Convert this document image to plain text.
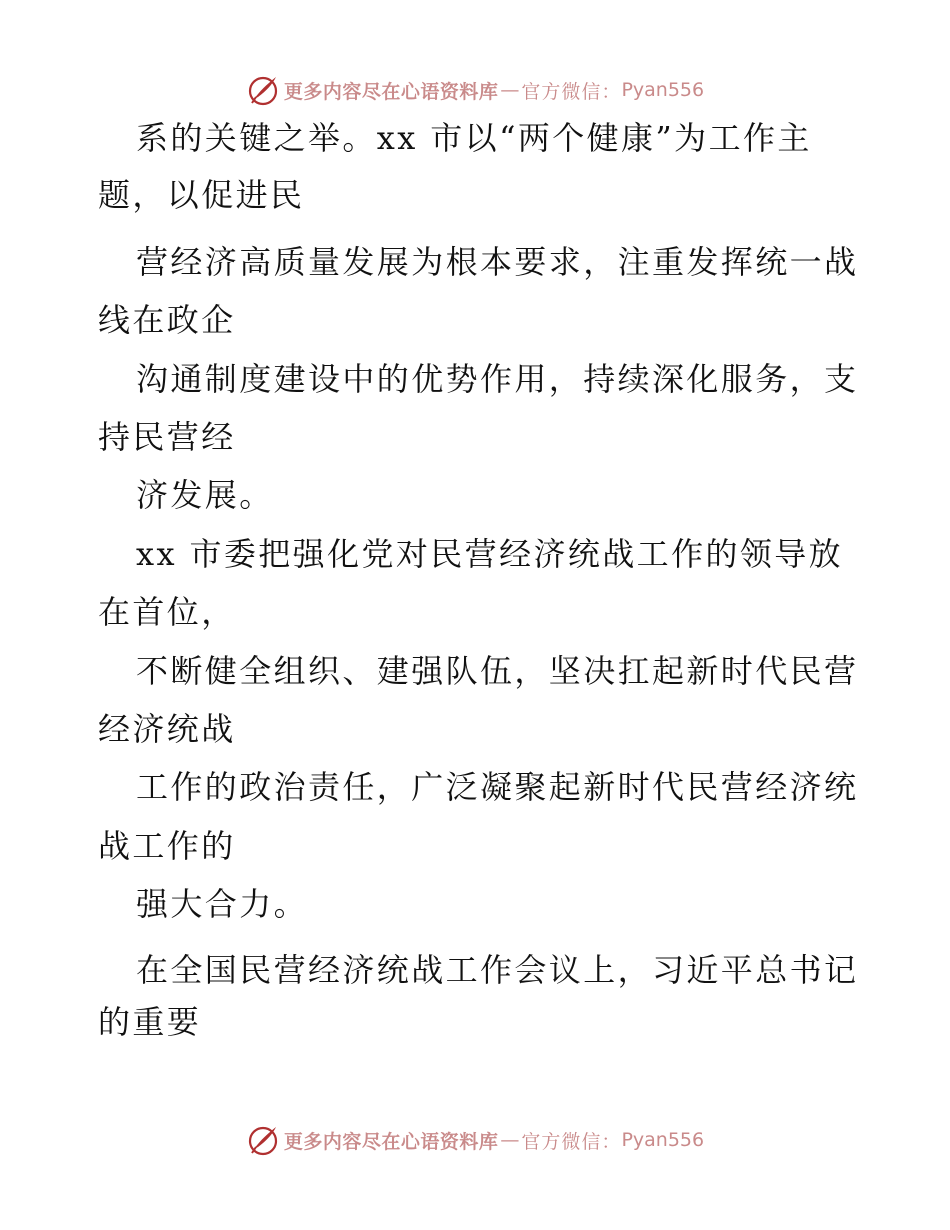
更多内容尽在心语资料库 — 官方微信： Pyan556
系的关键之举。xx 市以“两个健康”为工作主
题，以促进民
营经济高质量发展为根本要求，注重发挥统一战
线在政企
沟通制度建设中的优势作用，持续深化服务，支
持民营经
济发展。
xx 市委把强化党对民营经济统战工作的领导放
在首位，
不断健全组织、建强队伍，坚决扛起新时代民营
经济统战
工作的政治责任，广泛凝聚起新时代民营经济统
战工作的
强大合力。
在全国民营经济统战工作会议上，习近平总书记
的重要
更多内容尽在心语资料库 — 官方微信： Pyan556
